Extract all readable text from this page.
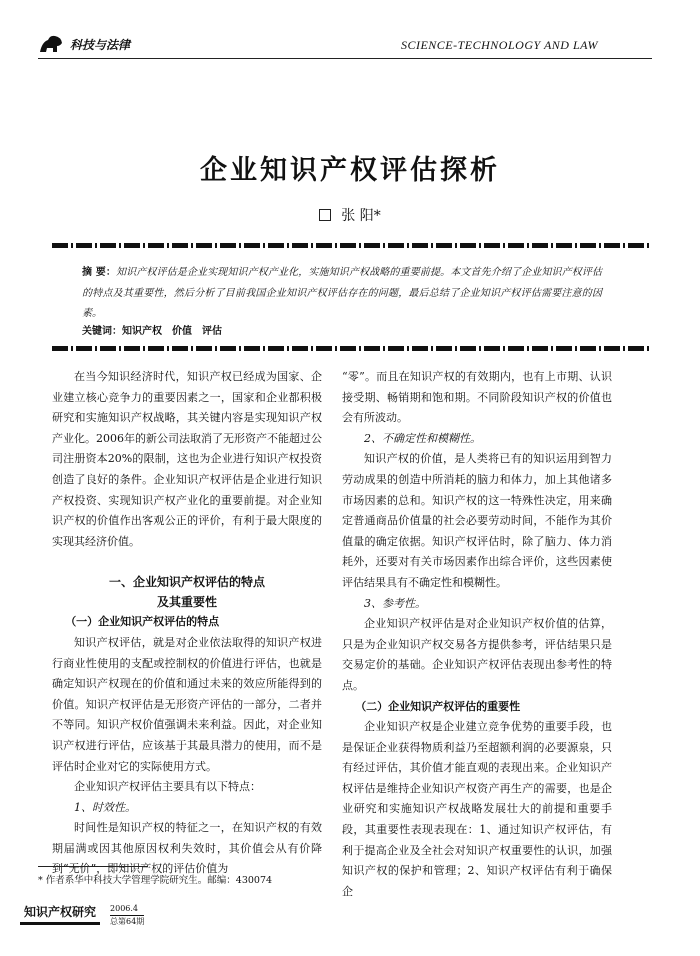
科技与法律	SCIENCE-TECHNOLOGY AND LAW
企业知识产权评估探析
张 阳*
摘 要：知识产权评估是企业实现知识产权产业化，实施知识产权战略的重要前提。本文首先介绍了企业知识产权评估的特点及其重要性，然后分析了目前我国企业知识产权评估存在的问题，最后总结了企业知识产权评估需要注意的因素。
关键词：知识产权　价值　评估

在当今知识经济时代，知识产权已经成为国家、企业建立核心竞争力的重要因素之一，国家和企业都积极研究和实施知识产权战略，其关键内容是实现知识产权产业化。2006年的新公司法取消了无形资产不能超过公司注册资本20%的限制，这也为企业进行知识产权投资创造了良好的条件。企业知识产权评估是企业进行知识产权投资、实现知识产权产业化的重要前提。对企业知识产权的价值作出客观公正的评价，有利于最大限度的实现其经济价值。

一、企业知识产权评估的特点

及其重要性

（一）企业知识产权评估的特点

知识产权评估，就是对企业依法取得的知识产权进行商业性使用的支配或控制权的价值进行评估，也就是确定知识产权现在的价值和通过未来的效应所能得到的价值。知识产权评估是无形资产评估的一部分，二者并不等同。知识产权价值强调未来利益。因此，对企业知识产权进行评估，应该基于其最具潜力的使用，而不是评估时企业对它的实际使用方式。

企业知识产权评估主要具有以下特点：

1、时效性。

时间性是知识产权的特征之一，在知识产权的有效期届满或因其他原因权利失效时，其价值会从有价降到“无价”，即知识产权的评估价值为

“零”。而且在知识产权的有效期内，也有上市期、认识接受期、畅销期和饱和期。不同阶段知识产权的价值也会有所波动。

2、不确定性和模糊性。

知识产权的价值，是人类将已有的知识运用到智力劳动成果的创造中所消耗的脑力和体力，加上其他诸多市场因素的总和。知识产权的这一特殊性决定，用来确定普通商品价值量的社会必要劳动时间，不能作为其价值量的确定依据。知识产权评估时，除了脑力、体力消耗外，还要对有关市场因素作出综合评价，这些因素使评估结果具有不确定性和模糊性。

3、参考性。

企业知识产权评估是对企业知识产权价值的估算，只是为企业知识产权交易各方提供参考，评估结果只是交易定价的基础。企业知识产权评估表现出参考性的特点。

（二）企业知识产权评估的重要性

企业知识产权是企业建立竞争优势的重要手段，也是保证企业获得物质利益乃至超额利润的必要源泉，只有经过评估，其价值才能直观的表现出来。企业知识产权评估是维持企业知识产权资产再生产的需要，也是企业研究和实施知识产权战略发展壮大的前提和重要手段，其重要性表现表现在：1、通过知识产权评估，有利于提高企业及全社会对知识产权重要性的认识，加强知识产权的保护和管理；2、知识产权评估有利于确保企

* 作者系华中科技大学管理学院研究生。邮编：430074
知识产权研究	2006.4
总第64期
